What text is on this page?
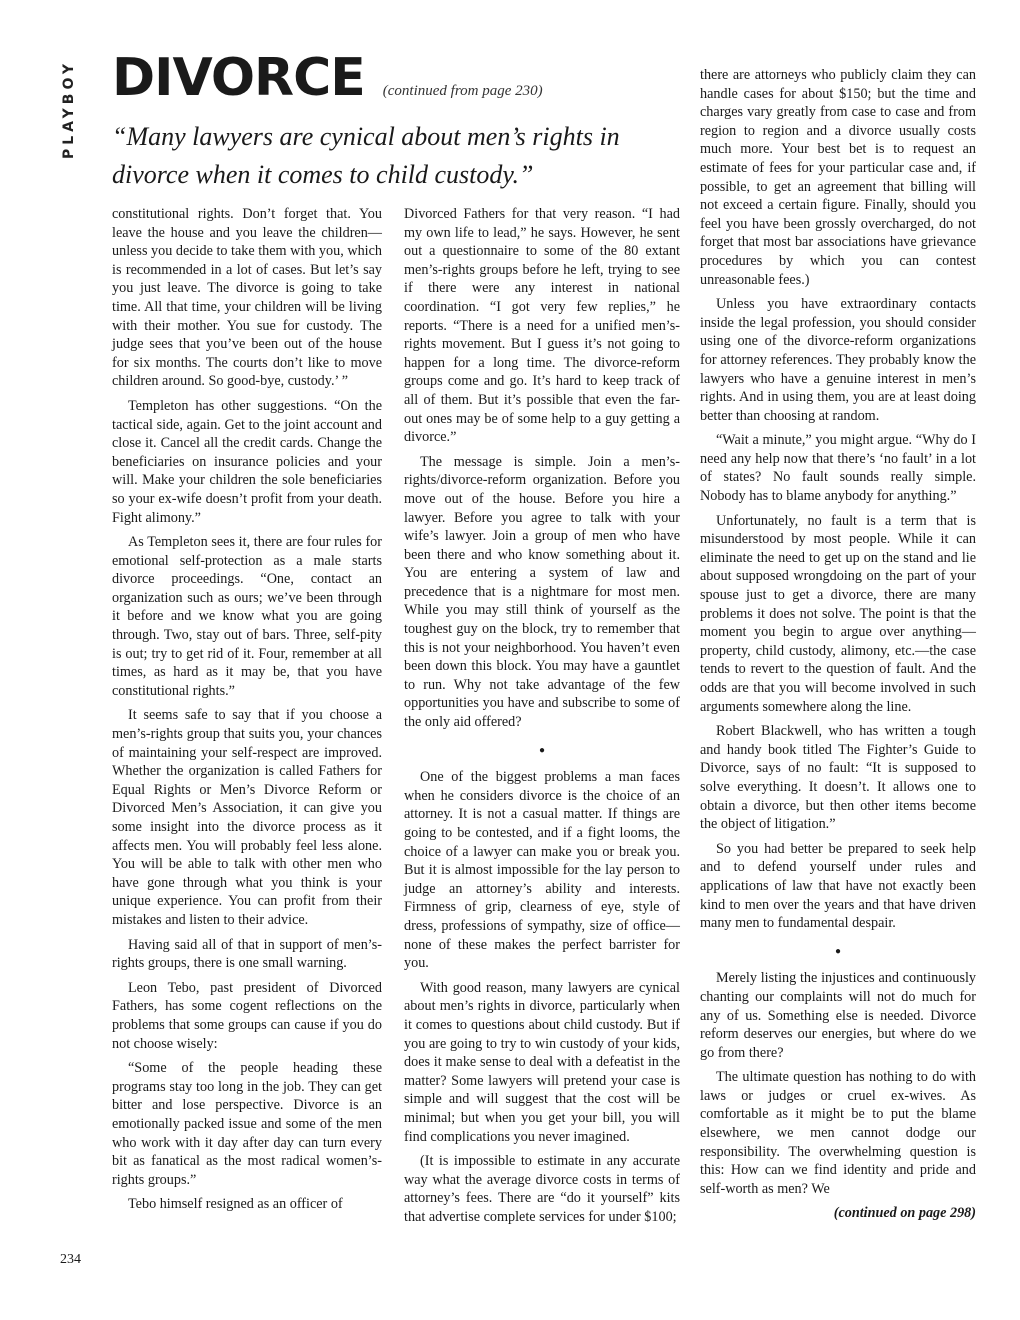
PLAYBOY DIVORCE (continued from page 230)
“Many lawyers are cynical about men’s rights in divorce when it comes to child custody.”

constitutional rights. Don’t forget that. You leave the house and you leave the children—unless you decide to take them with you, which is recommended in a lot of cases. But let’s say you just leave. The divorce is going to take time. All that time, your children will be living with their mother. You sue for custody. The judge sees that you’ve been out of the house for six months. The courts don’t like to move children around. So good-bye, custody.’ ”

Templeton has other suggestions. “On the tactical side, again. Get to the joint account and close it. Cancel all the credit cards. Change the beneficiaries on insurance policies and your will. Make your children the sole beneficiaries so your ex-wife doesn’t profit from your death. Fight alimony.”

As Templeton sees it, there are four rules for emotional self-protection as a male starts divorce proceedings. “One, contact an organization such as ours; we’ve been through it before and we know what you are going through. Two, stay out of bars. Three, self-pity is out; try to get rid of it. Four, remember at all times, as hard as it may be, that you have constitutional rights.”

It seems safe to say that if you choose a men’s-rights group that suits you, your chances of maintaining your self-respect are improved. Whether the organization is called Fathers for Equal Rights or Men’s Divorce Reform or Divorced Men’s Association, it can give you some insight into the divorce process as it affects men. You will probably feel less alone. You will be able to talk with other men who have gone through what you think is your unique experience. You can profit from their mistakes and listen to their advice.

Having said all of that in support of men’s-rights groups, there is one small warning.

Leon Tebo, past president of Divorced Fathers, has some cogent reflections on the problems that some groups can cause if you do not choose wisely:

“Some of the people heading these programs stay too long in the job. They can get bitter and lose perspective. Divorce is an emotionally packed issue and some of the men who work with it day after day can turn every bit as fanatical as the most radical women’s-rights groups.”

Tebo himself resigned as an officer of

Divorced Fathers for that very reason. “I had my own life to lead,” he says. However, he sent out a questionnaire to some of the 80 extant men’s-rights groups before he left, trying to see if there were any interest in national coordination. “I got very few replies,” he reports. “There is a need for a unified men’s-rights movement. But I guess it’s not going to happen for a long time. The divorce-reform groups come and go. It’s hard to keep track of all of them. But it’s possible that even the far-out ones may be of some help to a guy getting a divorce.”

The message is simple. Join a men’s-rights/divorce-reform organization. Before you move out of the house. Before you hire a lawyer. Before you agree to talk with your wife’s lawyer. Join a group of men who have been there and who know something about it. You are entering a system of law and precedence that is a nightmare for most men. While you may still think of yourself as the toughest guy on the block, try to remember that this is not your neighborhood. You haven’t even been down this block. You may have a gauntlet to run. Why not take advantage of the few opportunities you have and subscribe to some of the only aid offered?

●

One of the biggest problems a man faces when he considers divorce is the choice of an attorney. It is not a casual matter. If things are going to be contested, and if a fight looms, the choice of a lawyer can make you or break you. But it is almost impossible for the lay person to judge an attorney’s ability and interests. Firmness of grip, clearness of eye, style of dress, professions of sympathy, size of office—none of these makes the perfect barrister for you.

With good reason, many lawyers are cynical about men’s rights in divorce, particularly when it comes to questions about child custody. But if you are going to try to win custody of your kids, does it make sense to deal with a defeatist in the matter? Some lawyers will pretend your case is simple and will suggest that the cost will be minimal; but when you get your bill, you will find complications you never imagined.

(It is impossible to estimate in any accurate way what the average divorce costs in terms of attorney’s fees. There are “do it yourself” kits that advertise complete services for under $100;

there are attorneys who publicly claim they can handle cases for about $150; but the time and charges vary greatly from case to case and from region to region and a divorce usually costs much more. Your best bet is to request an estimate of fees for your particular case and, if possible, to get an agreement that billing will not exceed a certain figure. Finally, should you feel you have been grossly overcharged, do not forget that most bar associations have grievance procedures by which you can contest unreasonable fees.)

Unless you have extraordinary contacts inside the legal profession, you should consider using one of the divorce-reform organizations for attorney references. They probably know the lawyers who have a genuine interest in men’s rights. And in using them, you are at least doing better than choosing at random.

“Wait a minute,” you might argue. “Why do I need any help now that there’s ‘no fault’ in a lot of states? No fault sounds really simple. Nobody has to blame anybody for anything.”

Unfortunately, no fault is a term that is misunderstood by most people. While it can eliminate the need to get up on the stand and lie about supposed wrongdoing on the part of your spouse just to get a divorce, there are many problems it does not solve. The point is that the moment you begin to argue over anything—property, child custody, alimony, etc.—the case tends to revert to the question of fault. And the odds are that you will become involved in such arguments somewhere along the line.

Robert Blackwell, who has written a tough and handy book titled The Fighter’s Guide to Divorce, says of no fault: “It is supposed to solve everything. It doesn’t. It allows one to obtain a divorce, but then other items become the object of litigation.”

So you had better be prepared to seek help and to defend yourself under rules and applications of law that have not exactly been kind to men over the years and that have driven many men to fundamental despair.

●

Merely listing the injustices and continuously chanting our complaints will not do much for any of us. Something else is needed. Divorce reform deserves our energies, but where do we go from there?

The ultimate question has nothing to do with laws or judges or cruel ex-wives. As comfortable as it might be to put the blame elsewhere, we men cannot dodge our responsibility. The overwhelming question is this: How can we find identity and pride and self-worth as men? We

(continued on page 298)

234
